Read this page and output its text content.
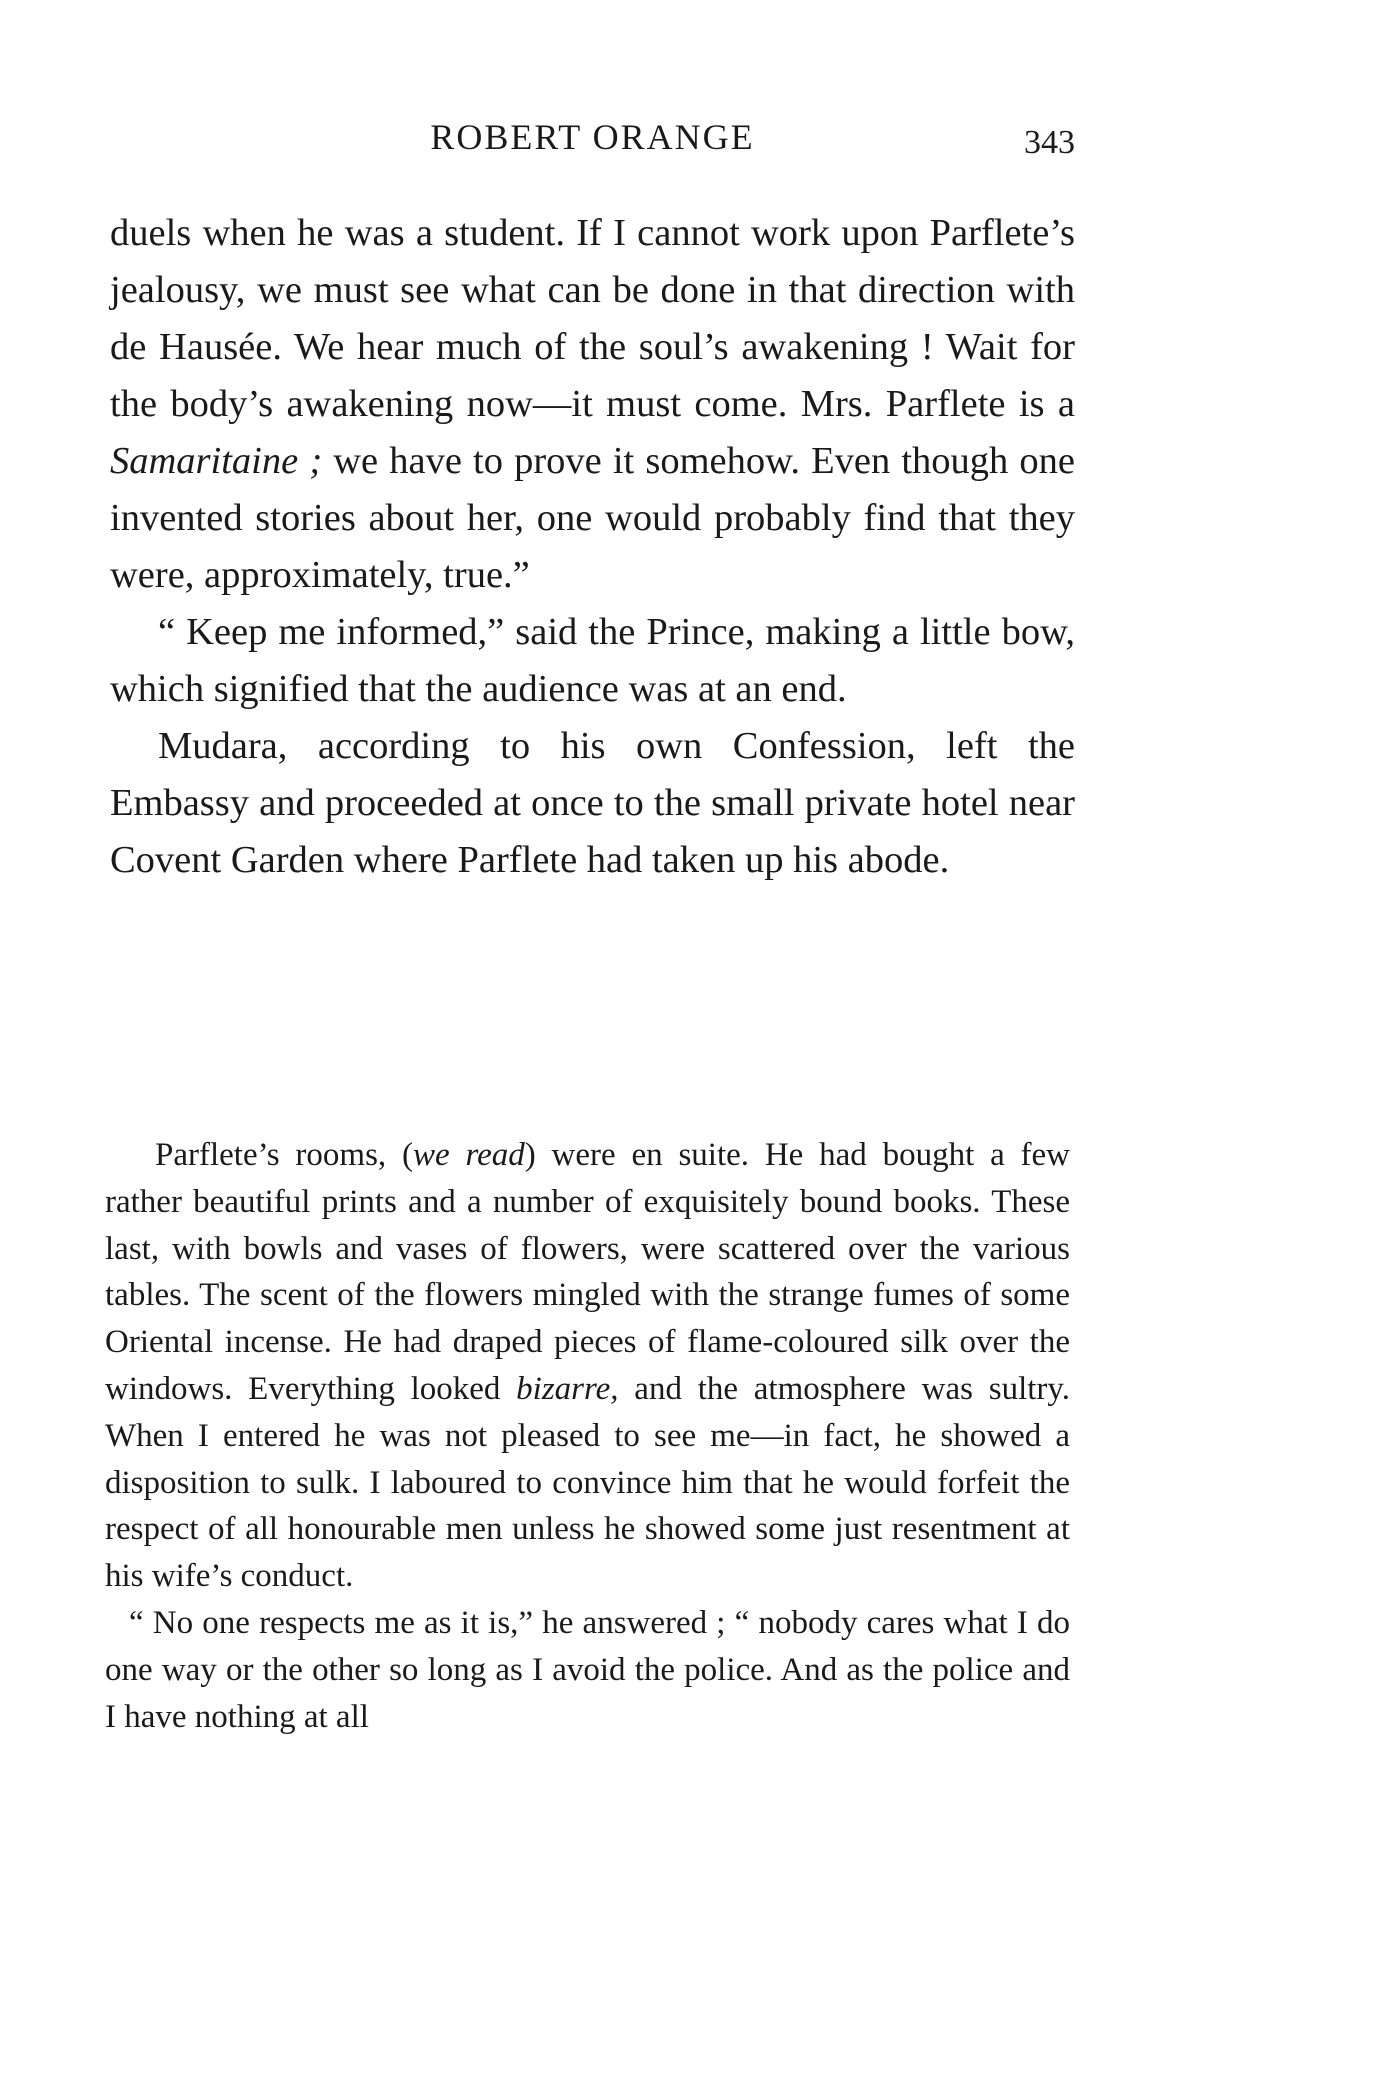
ROBERT ORANGE	343

duels when he was a student. If I cannot work upon Parflete’s jealousy, we must see what can be done in that direction with de Hausée. We hear much of the soul’s awakening ! Wait for the body’s awakening now—it must come. Mrs. Parflete is a Samaritaine ; we have to prove it somehow. Even though one invented stories about her, one would probably find that they were, approximately, true.”

“ Keep me informed,” said the Prince, making a little bow, which signified that the audience was at an end.

Mudara, according to his own Confession, left the Embassy and proceeded at once to the small private hotel near Covent Garden where Parflete had taken up his abode.

Parflete’s rooms, (we read) were en suite. He had bought a few rather beautiful prints and a number of exquisitely bound books. These last, with bowls and vases of flowers, were scattered over the various tables. The scent of the flowers mingled with the strange fumes of some Oriental incense. He had draped pieces of flame-coloured silk over the windows. Everything looked bizarre, and the atmosphere was sultry. When I entered he was not pleased to see me—in fact, he showed a disposition to sulk. I laboured to convince him that he would forfeit the respect of all honourable men unless he showed some just resentment at his wife’s conduct.

“ No one respects me as it is,” he answered ; “ nobody cares what I do one way or the other so long as I avoid the police. And as the police and I have nothing at all
